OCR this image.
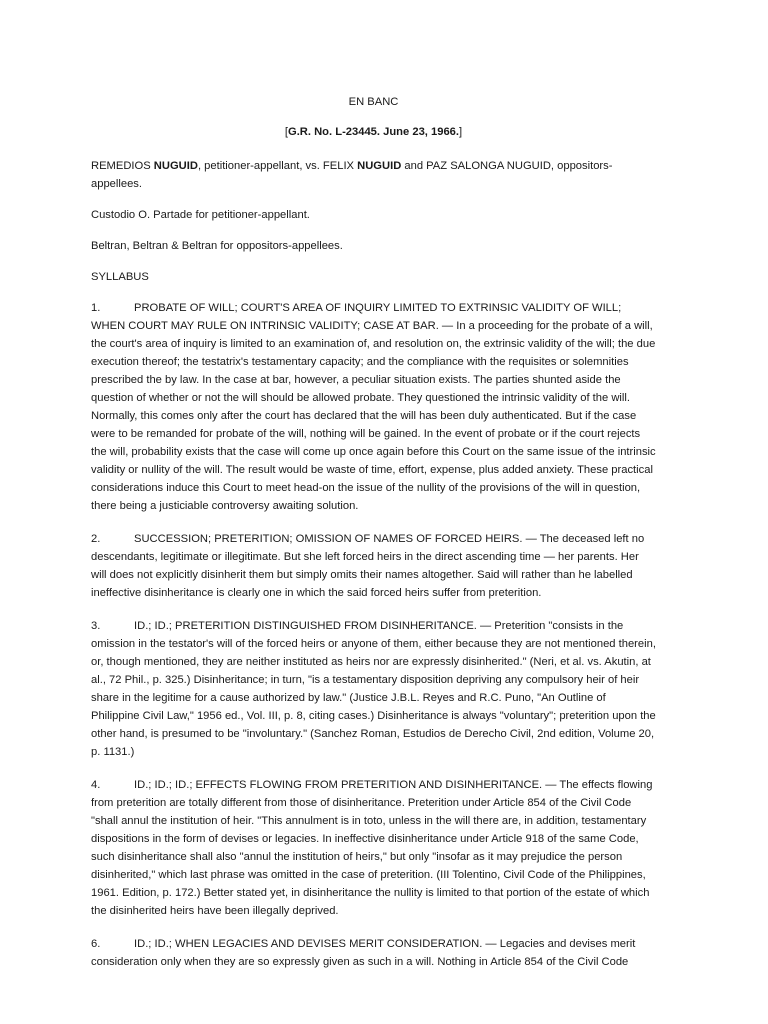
EN BANC

[G.R. No. L-23445. June 23, 1966.]

REMEDIOS NUGUID, petitioner-appellant, vs. FELIX NUGUID and PAZ SALONGA NUGUID, oppositors-appellees.

Custodio O. Partade for petitioner-appellant.

Beltran, Beltran & Beltran for oppositors-appellees.

SYLLABUS

1.	PROBATE OF WILL; COURT'S AREA OF INQUIRY LIMITED TO EXTRINSIC VALIDITY OF WILL; WHEN COURT MAY RULE ON INTRINSIC VALIDITY; CASE AT BAR. — In a proceeding for the probate of a will, the court's area of inquiry is limited to an examination of, and resolution on, the extrinsic validity of the will; the due execution thereof; the testatrix's testamentary capacity; and the compliance with the requisites or solemnities prescribed the by law. In the case at bar, however, a peculiar situation exists. The parties shunted aside the question of whether or not the will should be allowed probate. They questioned the intrinsic validity of the will. Normally, this comes only after the court has declared that the will has been duly authenticated. But if the case were to be remanded for probate of the will, nothing will be gained. In the event of probate or if the court rejects the will, probability exists that the case will come up once again before this Court on the same issue of the intrinsic validity or nullity of the will. The result would be waste of time, effort, expense, plus added anxiety. These practical considerations induce this Court to meet head-on the issue of the nullity of the provisions of the will in question, there being a justiciable controversy awaiting solution.

2.	SUCCESSION; PRETERITION; OMISSION OF NAMES OF FORCED HEIRS. — The deceased left no descendants, legitimate or illegitimate. But she left forced heirs in the direct ascending time — her parents. Her will does not explicitly disinherit them but simply omits their names altogether. Said will rather than he labelled ineffective disinheritance is clearly one in which the said forced heirs suffer from preterition.

3.	ID.; ID.; PRETERITION DISTINGUISHED FROM DISINHERITANCE. — Preterition "consists in the omission in the testator's will of the forced heirs or anyone of them, either because they are not mentioned therein, or, though mentioned, they are neither instituted as heirs nor are expressly disinherited." (Neri, et al. vs. Akutin, at al., 72 Phil., p. 325.) Disinheritance; in turn, "is a testamentary disposition depriving any compulsory heir of heir share in the legitime for a cause authorized by law." (Justice J.B.L. Reyes and R.C. Puno, "An Outline of Philippine Civil Law," 1956 ed., Vol. III, p. 8, citing cases.) Disinheritance is always "voluntary"; preterition upon the other hand, is presumed to be "involuntary." (Sanchez Roman, Estudios de Derecho Civil, 2nd edition, Volume 20, p. 1131.)

4.	ID.; ID.; ID.; EFFECTS FLOWING FROM PRETERITION AND DISINHERITANCE. — The effects flowing from preterition are totally different from those of disinheritance. Preterition under Article 854 of the Civil Code "shall annul the institution of heir. "This annulment is in toto, unless in the will there are, in addition, testamentary dispositions in the form of devises or legacies. In ineffective disinheritance under Article 918 of the same Code, such disinheritance shall also "annul the institution of heirs," but only "insofar as it may prejudice the person disinherited," which last phrase was omitted in the case of preterition. (III Tolentino, Civil Code of the Philippines, 1961. Edition, p. 172.) Better stated yet, in disinheritance the nullity is limited to that portion of the estate of which the disinherited heirs have been illegally deprived.

6.	ID.; ID.; WHEN LEGACIES AND DEVISES MERIT CONSIDERATION. — Legacies and devises merit consideration only when they are so expressly given as such in a will. Nothing in Article 854 of the Civil Code
